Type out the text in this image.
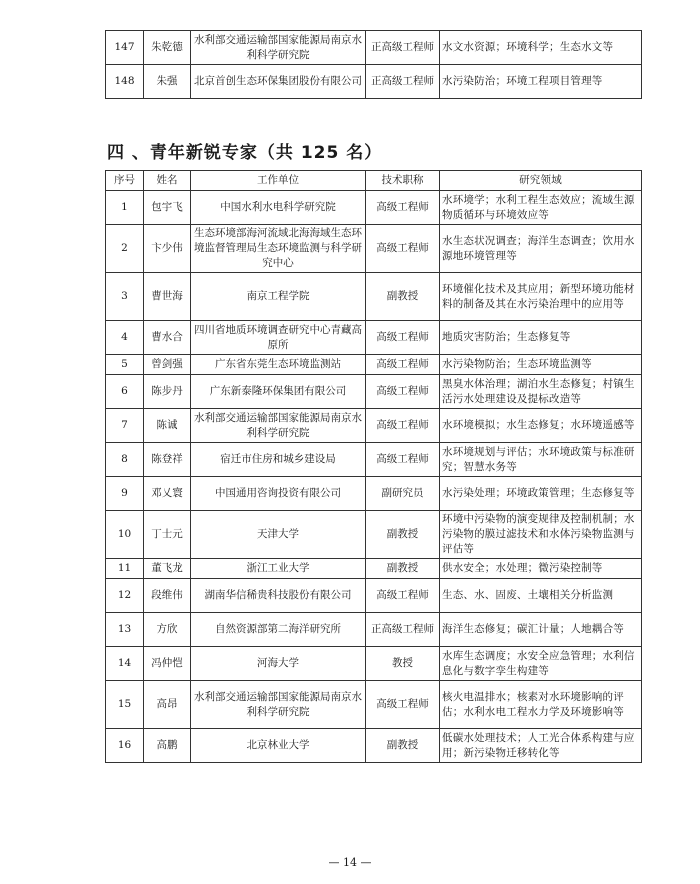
147	朱乾德	水利部交通运输部国家能源局南京水利科学研究院	正高级工程师	水文水资源；环境科学；生态水文等
148	朱强	北京首创生态环保集团股份有限公司	正高级工程师	水污染防治；环境工程项目管理等
四 、青年新锐专家（共 125 名）
序号	姓名	工作单位	技术职称	研究领域
1	包宇飞	中国水利水电科学研究院	高级工程师	水环境学；水利工程生态效应；流域生源物质循环与环境效应等
2	卞少伟	生态环境部海河流域北海海域生态环境监督管理局生态环境监测与科学研究中心	高级工程师	水生态状况调查；海洋生态调查；饮用水源地环境管理等
3	曹世海	南京工程学院	副教授	环境催化技术及其应用；新型环境功能材料的制备及其在水污染治理中的应用等
4	曹水合	四川省地质环境调查研究中心青藏高原所	高级工程师	地质灾害防治；生态修复等
5	曾剑强	广东省东莞生态环境监测站	高级工程师	水污染物防治；生态环境监测等
6	陈步丹	广东新泰隆环保集团有限公司	高级工程师	黑臭水体治理；湖泊水生态修复；村镇生活污水处理建设及提标改造等
7	陈诚	水利部交通运输部国家能源局南京水利科学研究院	高级工程师	水环境模拟；水生态修复；水环境遥感等
8	陈登祥	宿迁市住房和城乡建设局	高级工程师	水环境规划与评估；水环境政策与标准研究；智慧水务等
9	邓乂寰	中国通用咨询投资有限公司	副研究员	水污染处理；环境政策管理；生态修复等
10	丁士元	天津大学	副教授	环境中污染物的演变规律及控制机制；水污染物的膜过滤技术和水体污染物监测与评估等
11	董飞龙	浙江工业大学	副教授	供水安全；水处理；微污染控制等
12	段维伟	湖南华信稀贵科技股份有限公司	高级工程师	生态、水、固废、土壤相关分析监测
13	方欣	自然资源部第二海洋研究所	正高级工程师	海洋生态修复；碳汇计量；人地耦合等
14	冯仲恺	河海大学	教授	水库生态调度；水安全应急管理；水利信息化与数字孪生构建等
15	高昂	水利部交通运输部国家能源局南京水利科学研究院	高级工程师	核火电温排水；核素对水环境影响的评估；水利水电工程水力学及环境影响等
16	高鹏	北京林业大学	副教授	低碳水处理技术；人工光合体系构建与应用；新污染物迁移转化等
— 14 —
